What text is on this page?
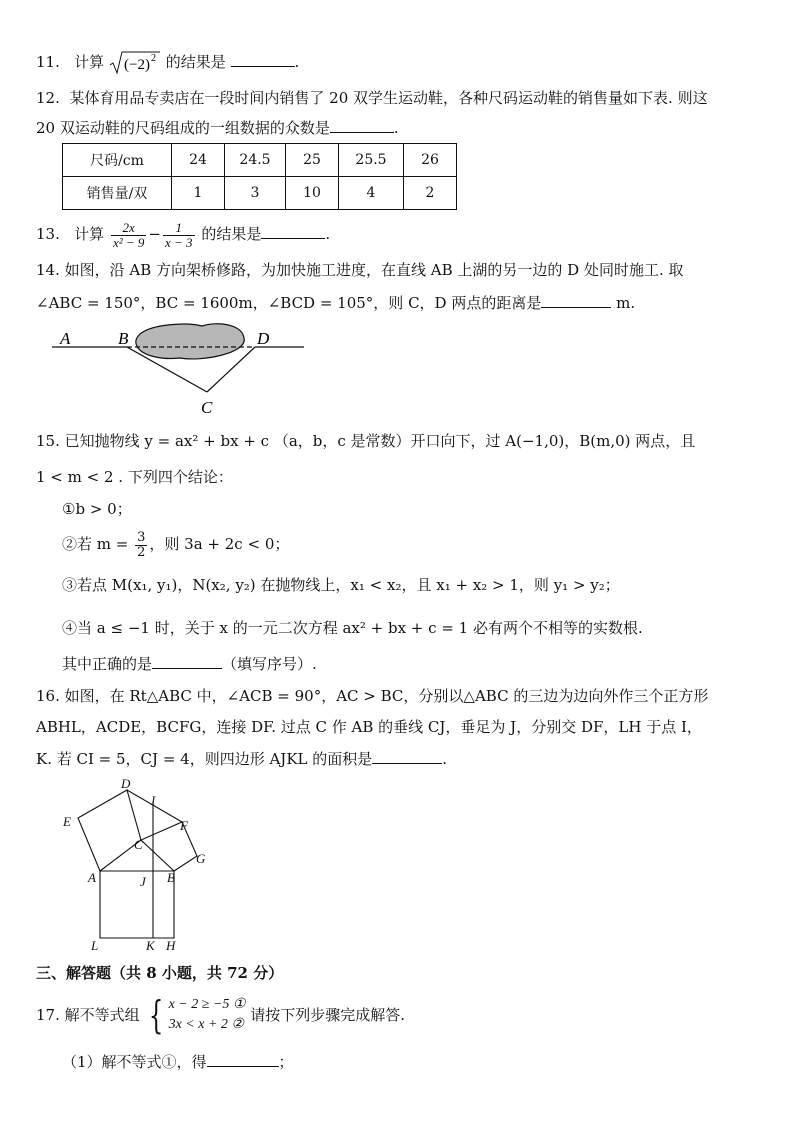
11. 计算 (−2) 2 的结果是	.
12. 某体育用品专卖店在一段时间内销售了 20 双学生运动鞋，各种尺码运动鞋的销售量如下表. 则这
20 双运动鞋的尺码组成的一组数据的众数是	.
尺码/cm	24	24.5	25	25.5	26
销售量/双	1	3	10	4	2
13. 计算 $\frac{2x}{\text{x² − 9}} - \frac{1}{x - 3}$ 的结果是	.
14. 如图，沿 AB 方向架桥修路，为加快施工进度，在直线 AB 上湖的另一边的 D 处同时施工. 取
∠ABC = 150°，BC = 1600m，∠BCD = 105°，则 C，D 两点的距离是	m.
A	B	D
C
15. 已知抛物线 y = ax² + bx + c （a，b，c 是常数）开口向下，过 A(−1,0)，B(m,0) 两点，且
1 < m < 2 . 下列四个结论：
①b > 0；
②若 $m = \frac{3}{2}$ ，则 3a + 2c < 0；
③若点 M(x₁, y₁)，N(x₂, y₂) 在抛物线上，x₁ < x₂，且 x₁ + x₂ > 1，则 y₁ > y₂；
④当 a ≤ −1 时，关于 x 的一元二次方程 ax² + bx + c = 1 必有两个不相等的实数根.
其中正确的是	（填写序号）.
16. 如图，在 Rt△ABC 中，∠ACB = 90°，AC > BC，分别以△ABC 的三边为边向外作三个正方形
ABHL，ACDE，BCFG，连接 DF. 过点 C 作 AB 的垂线 CJ，垂足为 J，分别交 DF，LH 于点 I，
K. 若 CI = 5，CJ = 4，则四边形 AJKL 的面积是	.
D
I
E	F
C
G
A	J B
L	K H
三、解答题（共 8 小题，共 72 分）
17. 解不等式组 { x − 2 ≥ −5 ①
3x < x + 2 ②
请按下列步骤完成解答.
（1）解不等式①，得	；
